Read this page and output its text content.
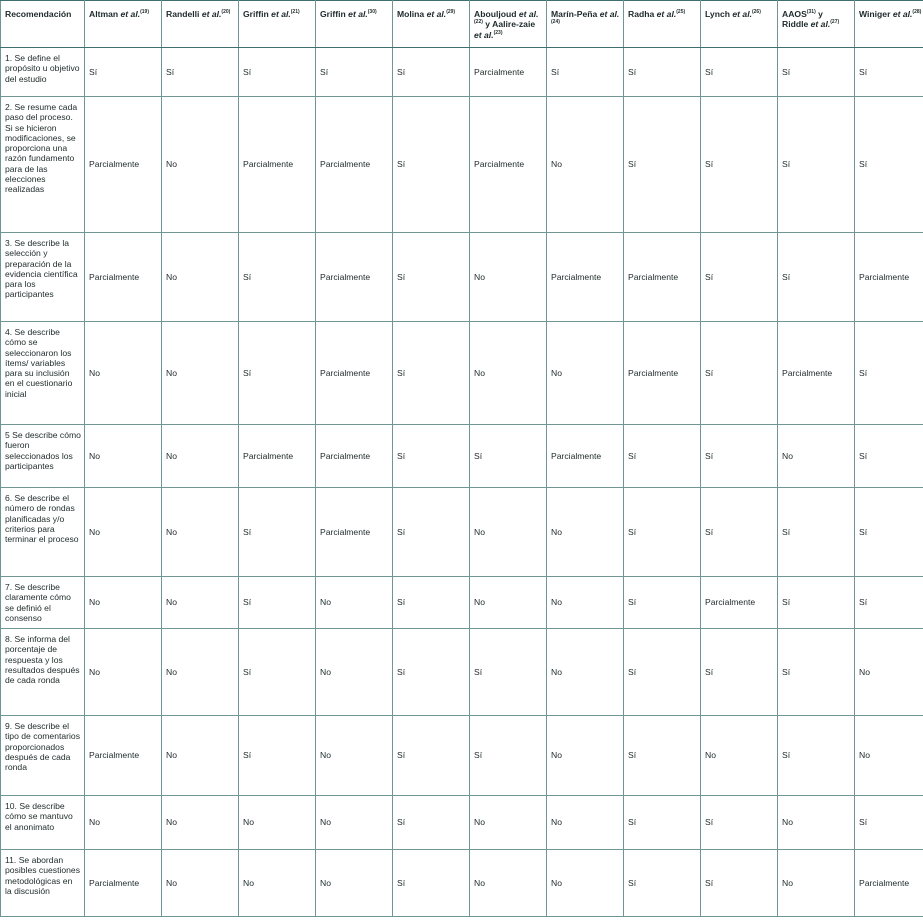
Recomendación	Altman et al.$^{(19)}$	Randelli et al.$^{(20)}$	Griffin et al.$^{(21)}$	Griffin et al.$^{(30)}$	Molina et al.$^{(29)}$	Abouljoud et al.$^{(22)}$ y Aalire-zaie et al.$^{(23)}$	Marín-Peña et al.$^{(24)}$	Radha et al.$^{(25)}$	Lynch et al.$^{(26)}$	AAOS$^{(31)}$ y Riddle et al.$^{(27)}$	Winiger et al.$^{(28)}$
1. Se define el propósito u objetivo del estudio	Sí	Sí	Sí	Sí	Sí	Parcialmente	Sí	Sí	Sí	Sí	Sí
2. Se resume cada paso del proceso. Si se hicieron modificaciones, se proporciona una razón fundamento para de las elecciones realizadas	Parcialmente	No	Parcialmente	Parcialmente	Sí	Parcialmente	No	Sí	Sí	Sí	Sí
3. Se describe la selección y preparación de la evidencia científica para los participantes	Parcialmente	No	Sí	Parcialmente	Sí	No	Parcialmente	Parcialmente	Sí	Sí	Parcialmente
4. Se describe cómo se seleccionaron los ítems/ variables para su inclusión en el cuestionario inicial	No	No	Sí	Parcialmente	Sí	No	No	Parcialmente	Sí	Parcialmente	Sí
5 Se describe cómo fueron seleccionados los participantes	No	No	Parcialmente	Parcialmente	Sí	Sí	Parcialmente	Sí	Sí	No	Sí
6. Se describe el número de rondas planificadas y/o criterios para terminar el proceso	No	No	Sí	Parcialmente	Sí	No	No	Sí	Sí	Sí	Sí
7. Se describe claramente cómo se definió el consenso	No	No	Sí	No	Sí	No	No	Sí	Parcialmente	Sí	Sí
8. Se informa del porcentaje de respuesta y los resultados después de cada ronda	No	No	Sí	No	Sí	Sí	No	Sí	Sí	Sí	No
9. Se describe el tipo de comentarios proporcionados después de cada ronda	Parcialmente	No	Sí	No	Sí	Sí	No	Sí	No	Sí	No
10. Se describe cómo se mantuvo el anonimato	No	No	No	No	Sí	No	No	Sí	Sí	No	Sí
11. Se abordan posibles cuestiones metodológicas en la discusión	Parcialmente	No	No	No	Sí	No	No	Sí	Sí	No	Parcialmente
